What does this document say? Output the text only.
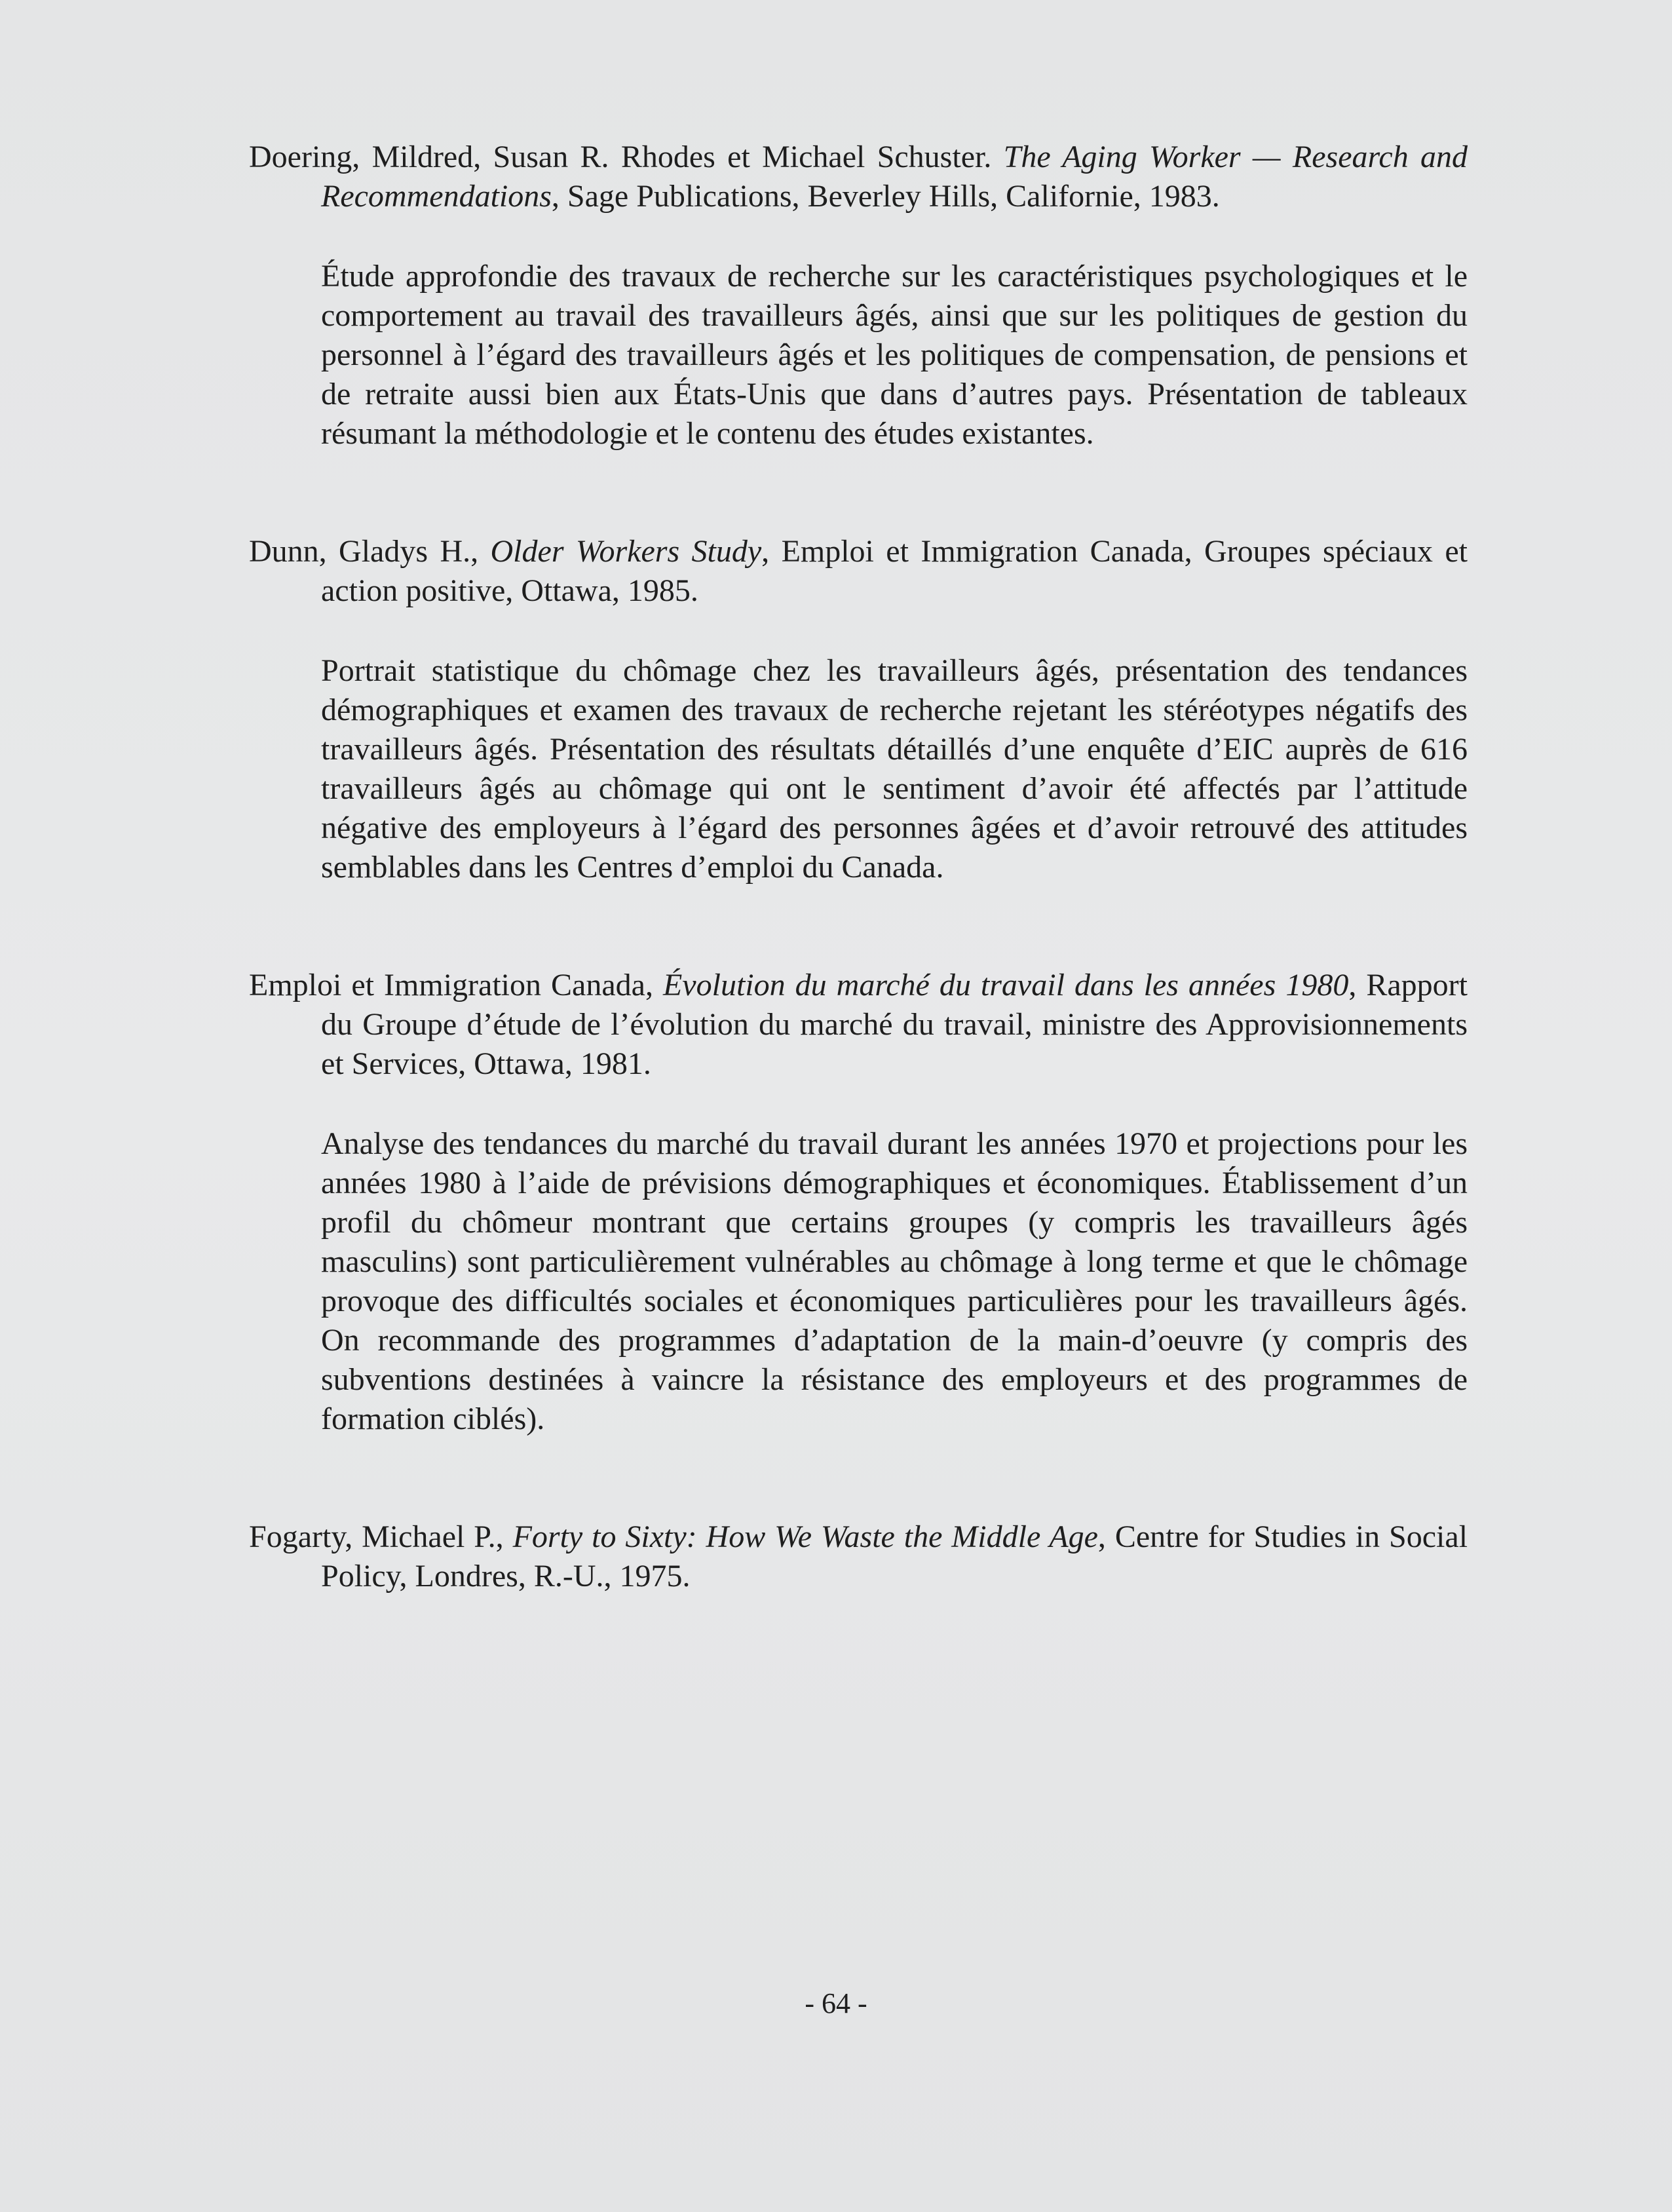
Doering, Mildred, Susan R. Rhodes et Michael Schuster. The Aging Worker — Research and Recommendations, Sage Publications, Beverley Hills, Californie, 1983.

Étude approfondie des travaux de recherche sur les caractéristiques psychologiques et le comportement au travail des travailleurs âgés, ainsi que sur les politiques de gestion du personnel à l’égard des travailleurs âgés et les politiques de compensation, de pensions et de retraite aussi bien aux États-Unis que dans d’autres pays. Présentation de tableaux résumant la méthodologie et le contenu des études existantes.

Dunn, Gladys H., Older Workers Study, Emploi et Immigration Canada, Groupes spéciaux et action positive, Ottawa, 1985.

Portrait statistique du chômage chez les travailleurs âgés, présentation des tendances démographiques et examen des travaux de recherche rejetant les stéréotypes négatifs des travailleurs âgés. Présentation des résultats détaillés d’une enquête d’EIC auprès de 616 travailleurs âgés au chômage qui ont le sentiment d’avoir été affectés par l’attitude négative des employeurs à l’égard des personnes âgées et d’avoir retrouvé des attitudes semblables dans les Centres d’emploi du Canada.

Emploi et Immigration Canada, Évolution du marché du travail dans les années 1980, Rapport du Groupe d’étude de l’évolution du marché du travail, ministre des Approvisionnements et Services, Ottawa, 1981.

Analyse des tendances du marché du travail durant les années 1970 et projections pour les années 1980 à l’aide de prévisions démographiques et économiques. Établissement d’un profil du chômeur montrant que certains groupes (y compris les travailleurs âgés masculins) sont particulièrement vulnérables au chômage à long terme et que le chômage provoque des difficultés sociales et économiques particulières pour les travailleurs âgés. On recommande des programmes d’adaptation de la main-d’oeuvre (y compris des subventions destinées à vaincre la résistance des employeurs et des programmes de formation ciblés).

Fogarty, Michael P., Forty to Sixty: How We Waste the Middle Age, Centre for Studies in Social Policy, Londres, R.-U., 1975.

- 64 -
